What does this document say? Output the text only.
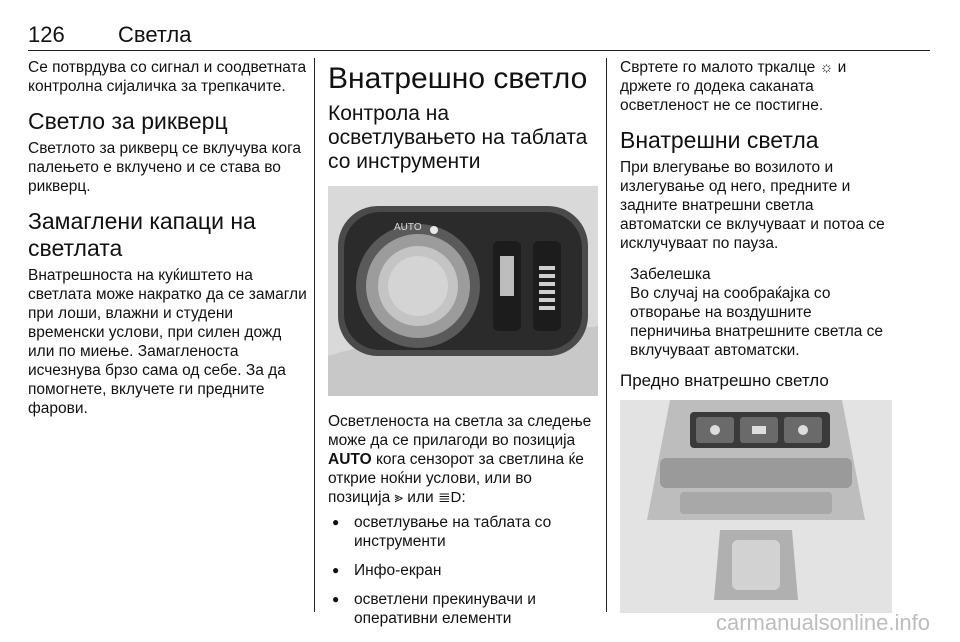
126 Светла

Се потврдува со сигнал и соодветната контролна сијаличка за трепкачите.

Светло за рикверц

Светлото за рикверц се вклучува кога палењето е вклучено и се става во рикверц.

Замаглени капаци на светлата

Внатрешноста на куќиштето на светлата може накратко да се замагли при лоши, влажни и студени временски услови, при силен дожд или по миење. Замагленоста исчезнува брзо сама од себе. За да помогнете, вклучете ги предните фарови.

Внатрешно светло
Контрола на осветлувањето на таблата со инструменти
AUTO

Осветленоста на светла за следење може да се прилагоди во позиција AUTO кога сензорот за светлина ќе открие ноќни услови, или во позиција ⪢ или ≣D:

● осветлување на таблата со инструменти
● Инфо-екран
● осветлени прекинувачи и оперативни елементи

Свртете го малото тркалце ☼ и држете го додека саканата осветленост не се постигне.

Внатрешни светла

При влегување во возилото и излегување од него, предните и задните внатрешни светла автоматски се вклучуваат и потоа се исклучуваат по пауза.

Забелешка

Во случај на сообраќајка со отворање на воздушните перничиња внатрешните светла се вклучуваат автоматски.

Предно внатрешно светло
carmanualsonline.info
